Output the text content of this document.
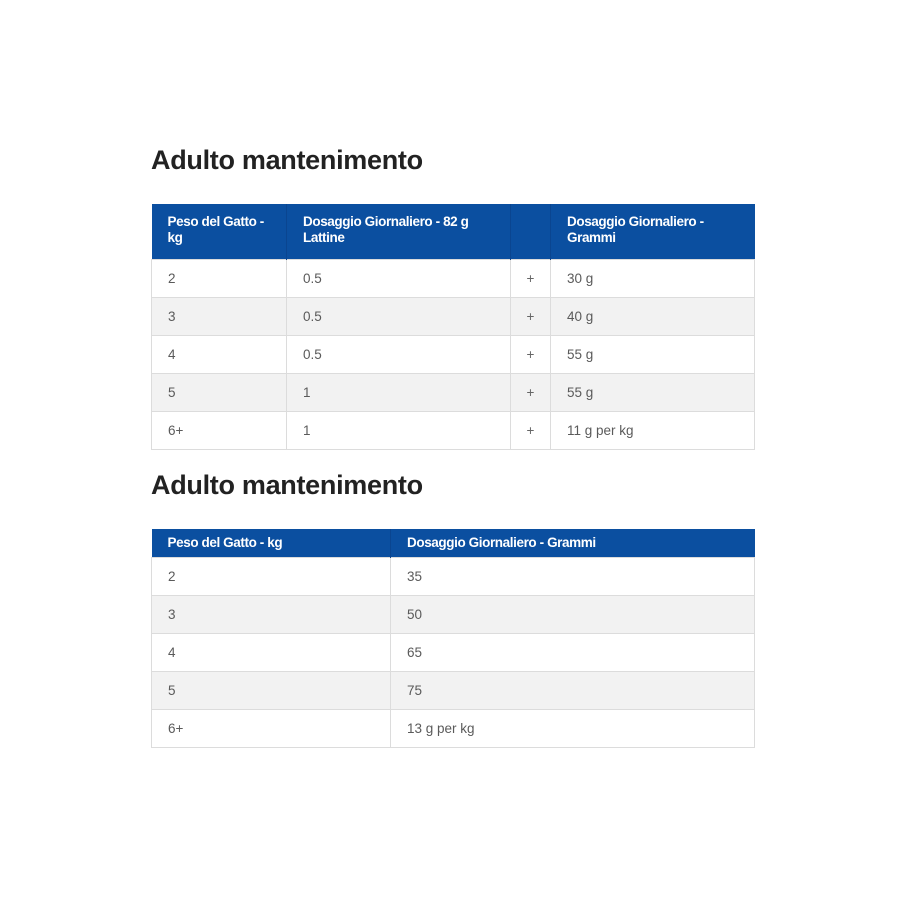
Adulto mantenimento
Peso del Gatto - kg	Dosaggio Giornaliero - 82 g Lattine		Dosaggio Giornaliero - Grammi
2	0.5	+	30 g
3	0.5	+	40 g
4	0.5	+	55 g
5	1	+	55 g
6+	1	+	11 g per kg
Adulto mantenimento
Peso del Gatto - kg	Dosaggio Giornaliero - Grammi
2	35
3	50
4	65
5	75
6+	13 g per kg
